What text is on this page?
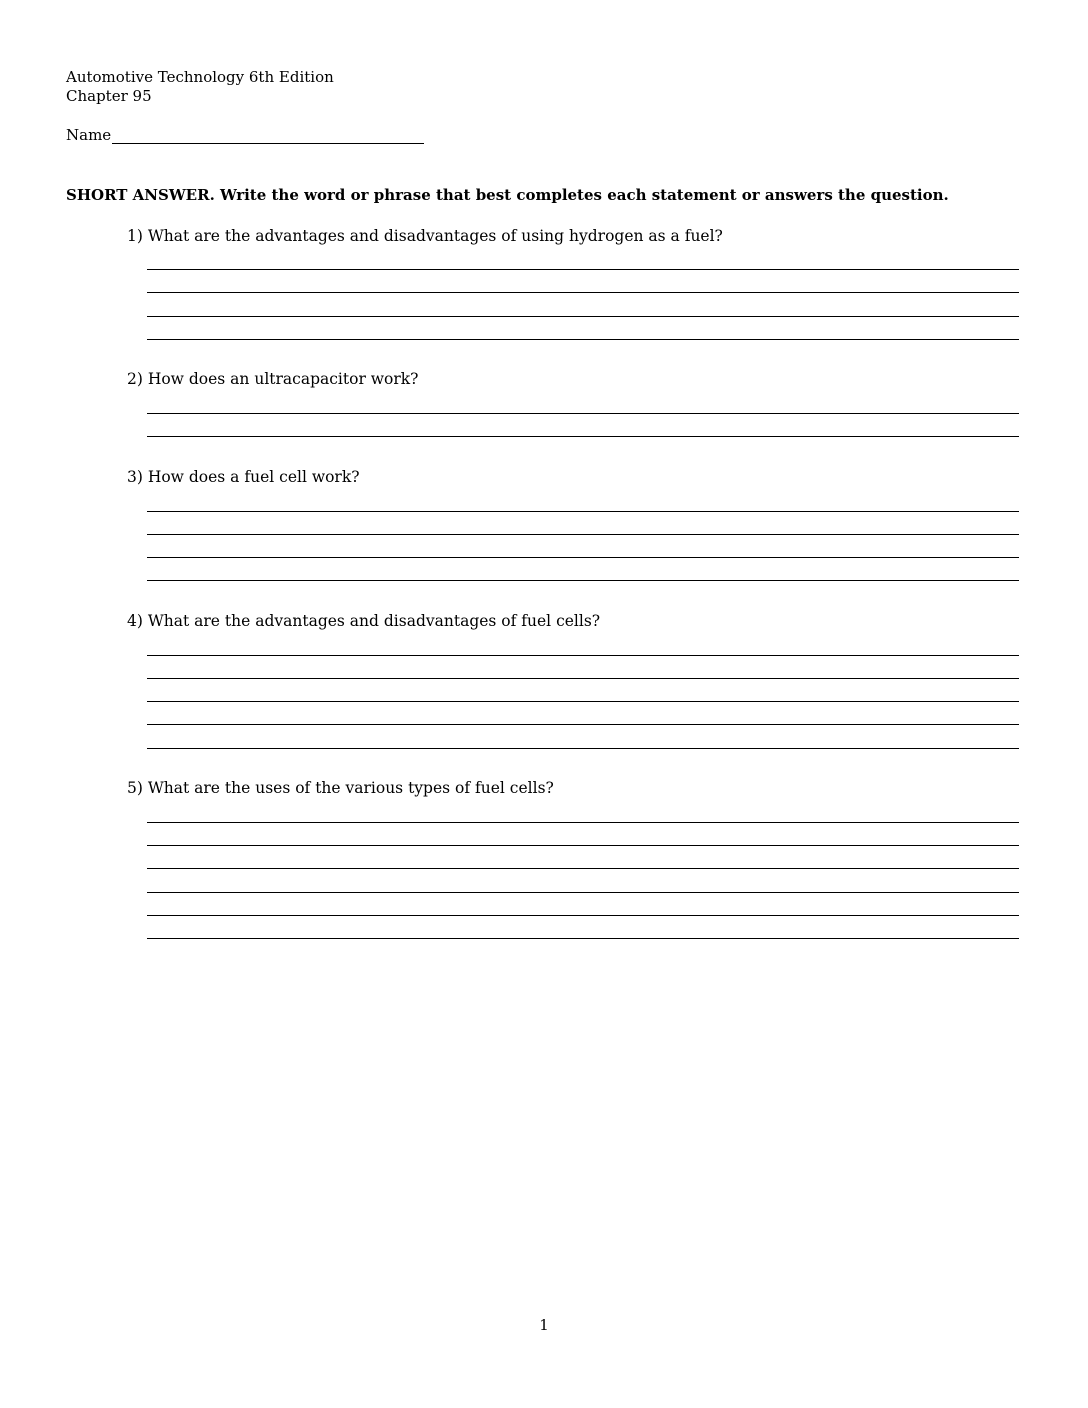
Automotive Technology 6th Edition
Chapter 95
Name
SHORT ANSWER. Write the word or phrase that best completes each statement or answers the question.
1) What are the advantages and disadvantages of using hydrogen as a fuel?
2) How does an ultracapacitor work?
3) How does a fuel cell work?
4) What are the advantages and disadvantages of fuel cells?
5) What are the uses of the various types of fuel cells?
1
